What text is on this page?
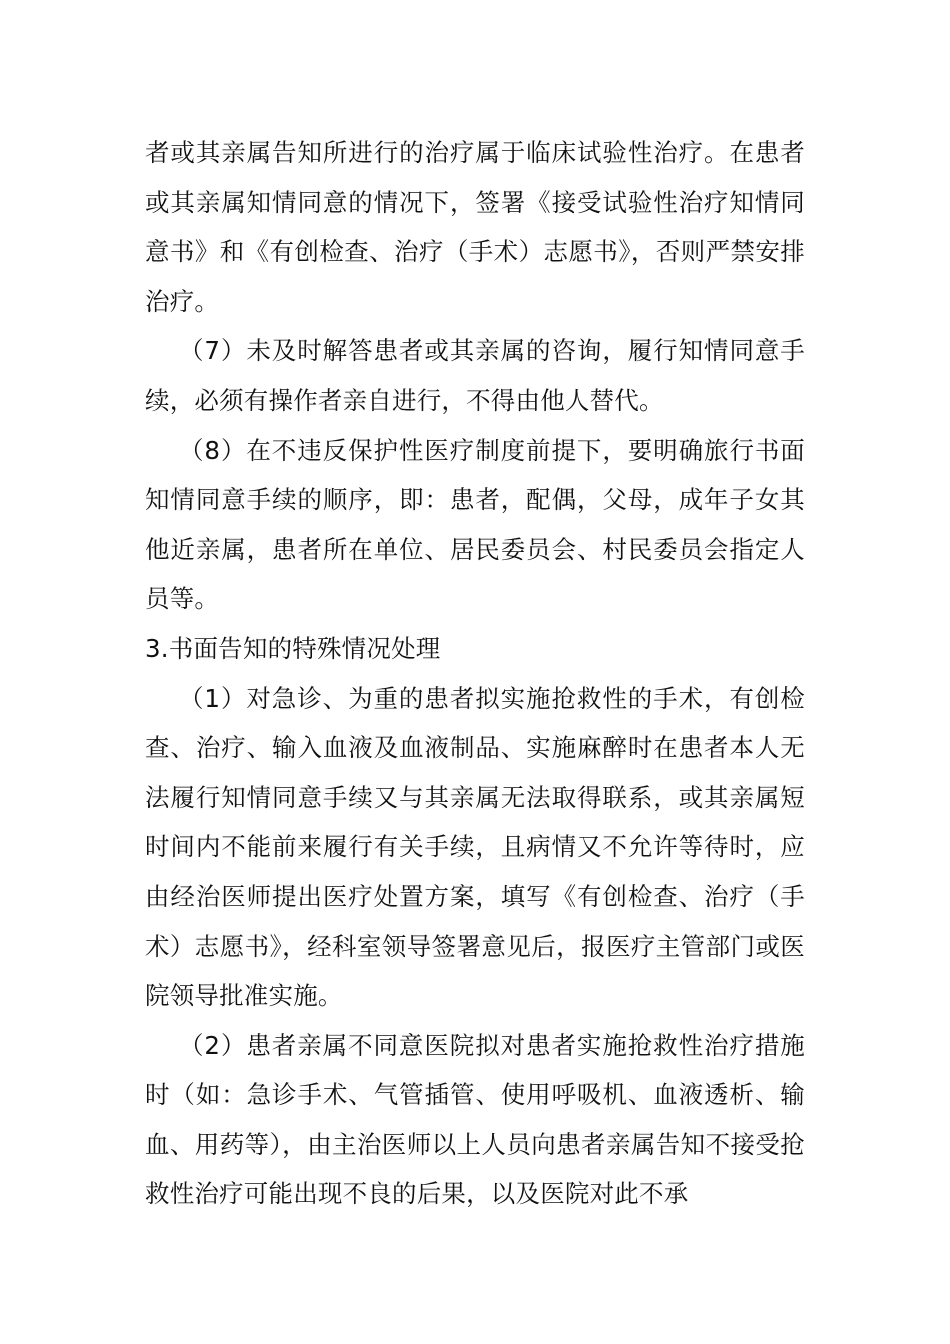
者或其亲属告知所进行的治疗属于临床试验性治疗。在患者或其亲属知情同意的情况下，签署《接受试验性治疗知情同意书》和《有创检查、治疗（手术）志愿书》，否则严禁安排治疗。

（7）未及时解答患者或其亲属的咨询，履行知情同意手续，必须有操作者亲自进行，不得由他人替代。

（8）在不违反保护性医疗制度前提下，要明确旅行书面知情同意手续的顺序，即：患者，配偶，父母，成年子女其他近亲属，患者所在单位、居民委员会、村民委员会指定人员等。

3.书面告知的特殊情况处理

（1）对急诊、为重的患者拟实施抢救性的手术，有创检查、治疗、输入血液及血液制品、实施麻醉时在患者本人无法履行知情同意手续又与其亲属无法取得联系，或其亲属短时间内不能前来履行有关手续，且病情又不允许等待时，应由经治医师提出医疗处置方案，填写《有创检查、治疗（手术）志愿书》，经科室领导签署意见后，报医疗主管部门或医院领导批准实施。

（2）患者亲属不同意医院拟对患者实施抢救性治疗措施时（如：急诊手术、气管插管、使用呼吸机、血液透析、输血、用药等），由主治医师以上人员向患者亲属告知不接受抢救性治疗可能出现不良的后果，以及医院对此不承
